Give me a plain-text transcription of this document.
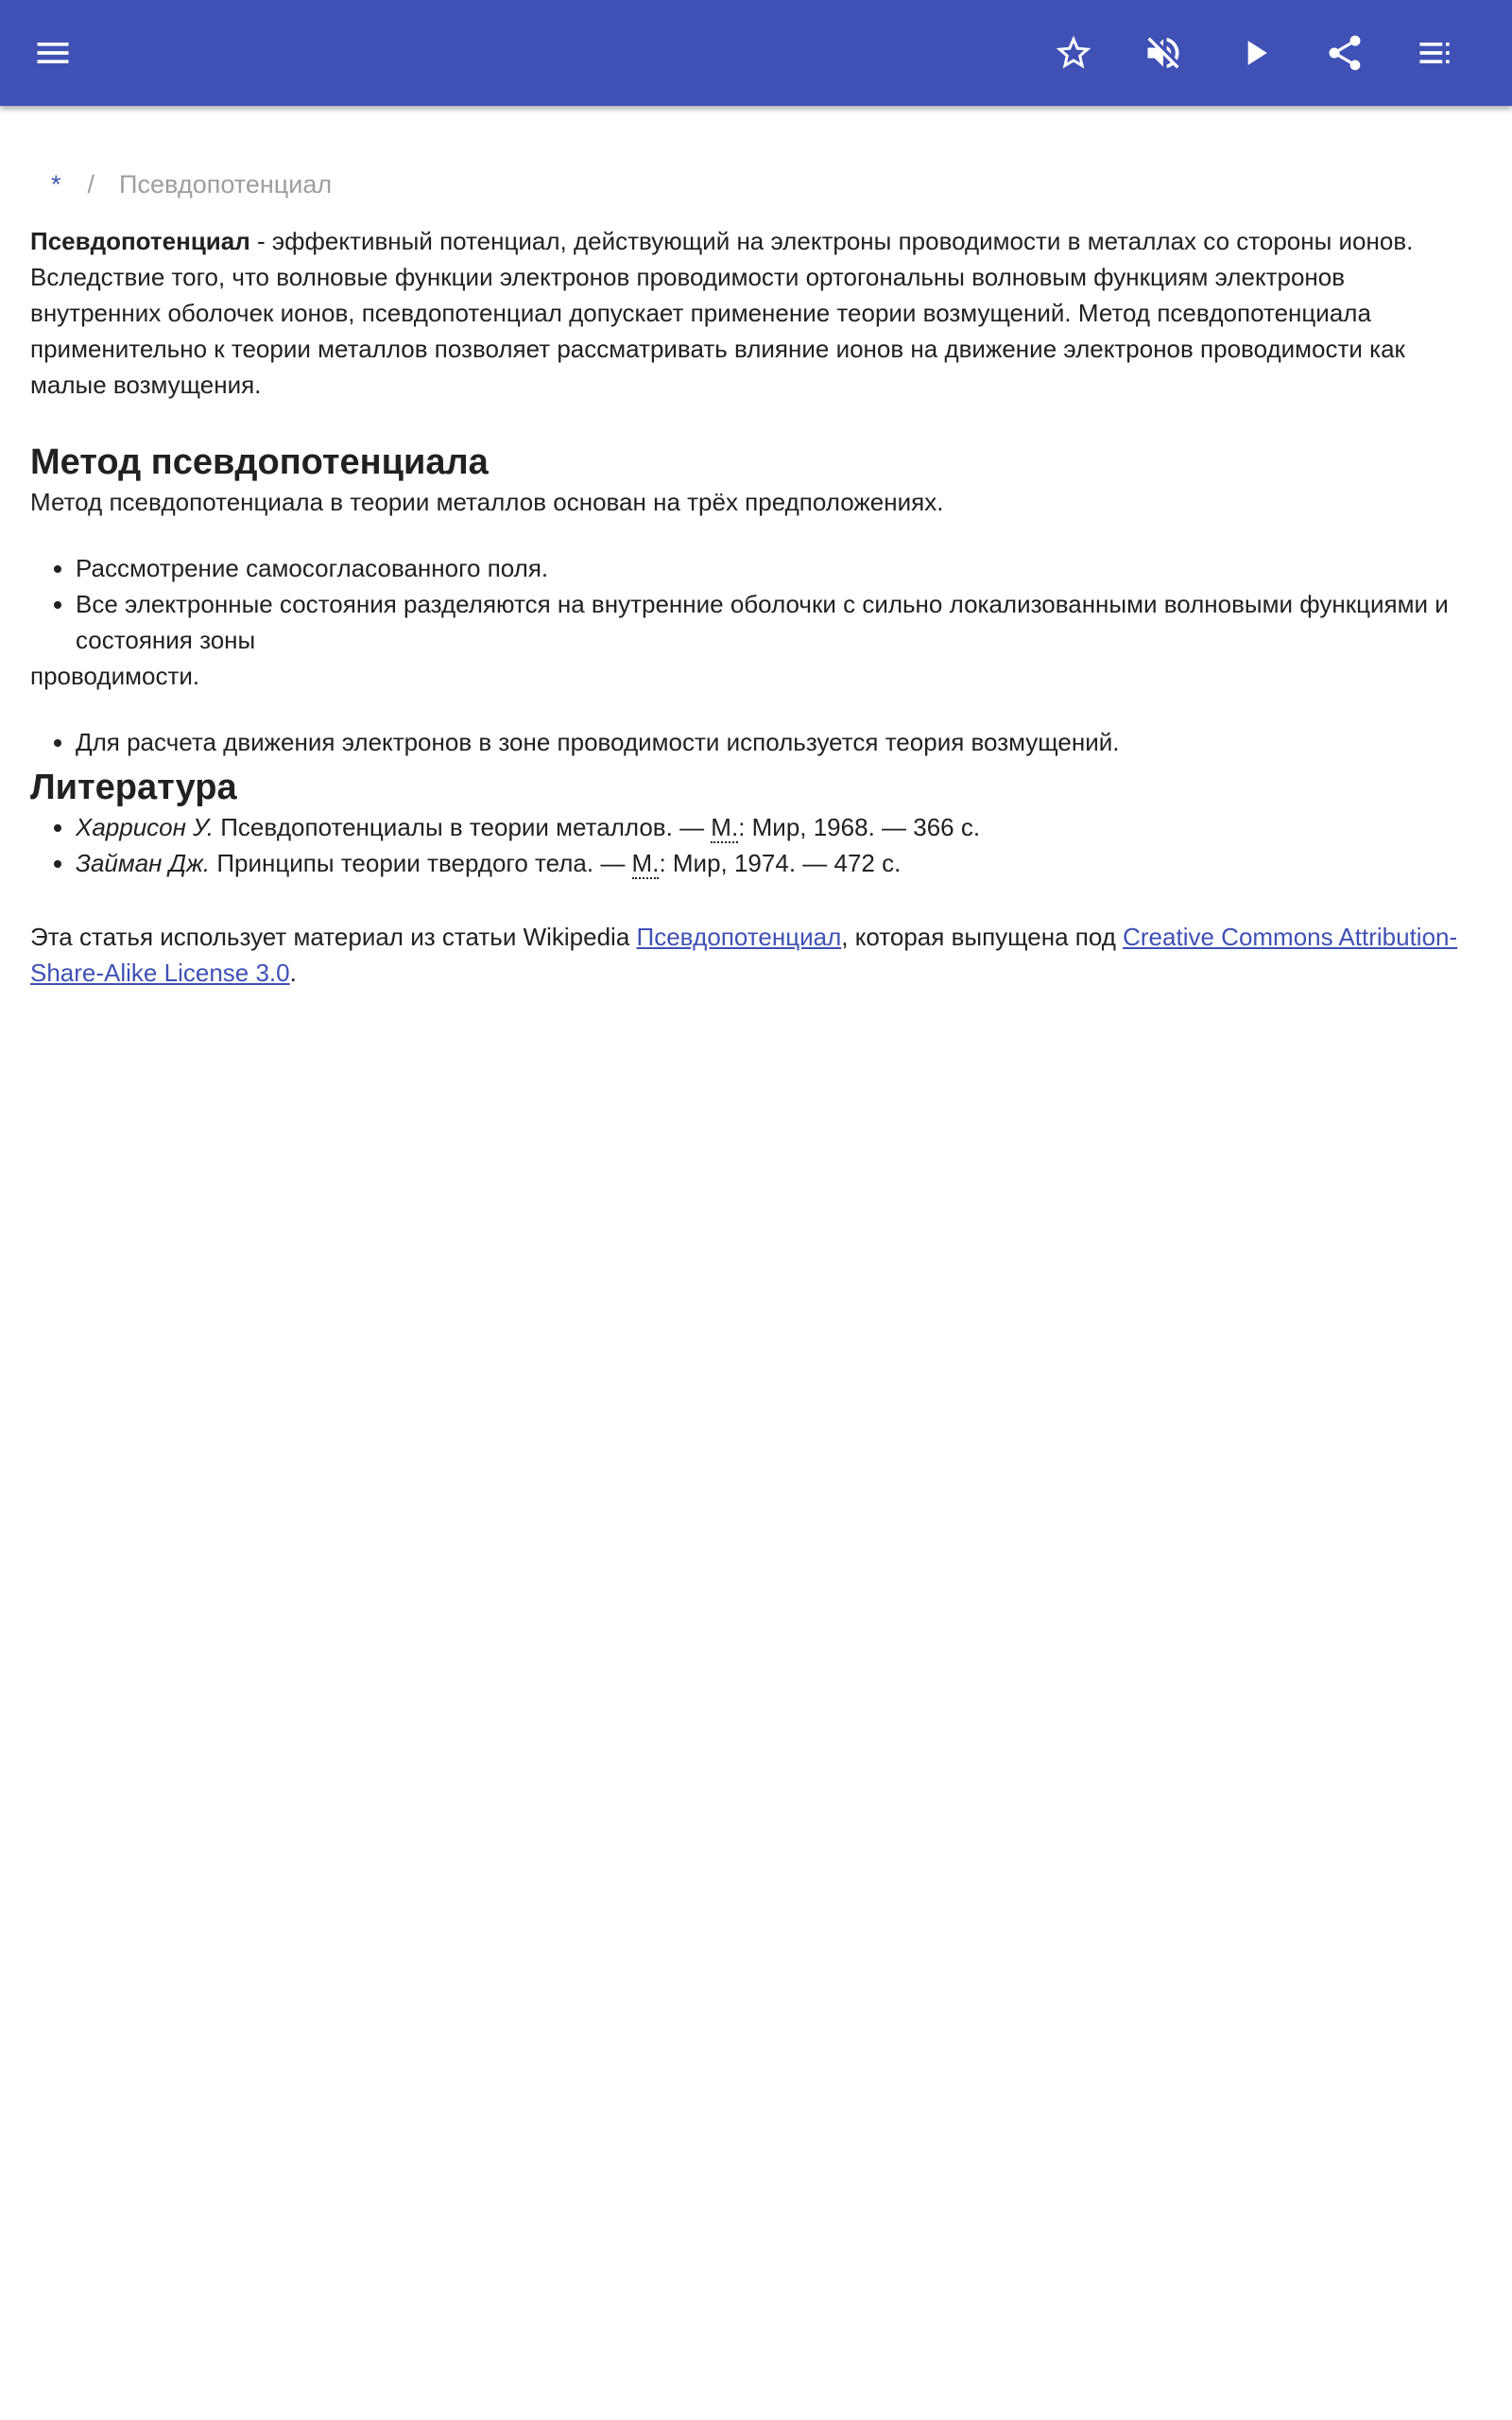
* / Псевдопотенциал

Псевдопотенциал - эффективный потенциал, действующий на электроны проводимости в металлах со стороны ионов. Вследствие того, что волновые функции электронов проводимости ортогональны волновым функциям электронов внутренних оболочек ионов, псевдопотенциал допускает применение теории возмущений. Метод псевдопотенциала применительно к теории металлов позволяет рассматривать влияние ионов на движение электронов проводимости как малые возмущения.

Метод псевдопотенциала

Метод псевдопотенциала в теории металлов основан на трёх предположениях.

• Рассмотрение самосогласованного поля.
• Все электронные состояния разделяются на внутренние оболочки с сильно локализованными волновыми функциями и состояния зоны

проводимости.

• Для расчета движения электронов в зоне проводимости используется теория возмущений.
Литература
• Харрисон У. Псевдопотенциалы в теории металлов. — М.: Мир, 1968. — 366 с.
• Займан Дж. Принципы теории твердого тела. — М.: Мир, 1974. — 472 с.

Эта статья использует материал из статьи Wikipedia Псевдопотенциал, которая выпущена под Creative Commons Attribution-Share-Alike License 3.0.
